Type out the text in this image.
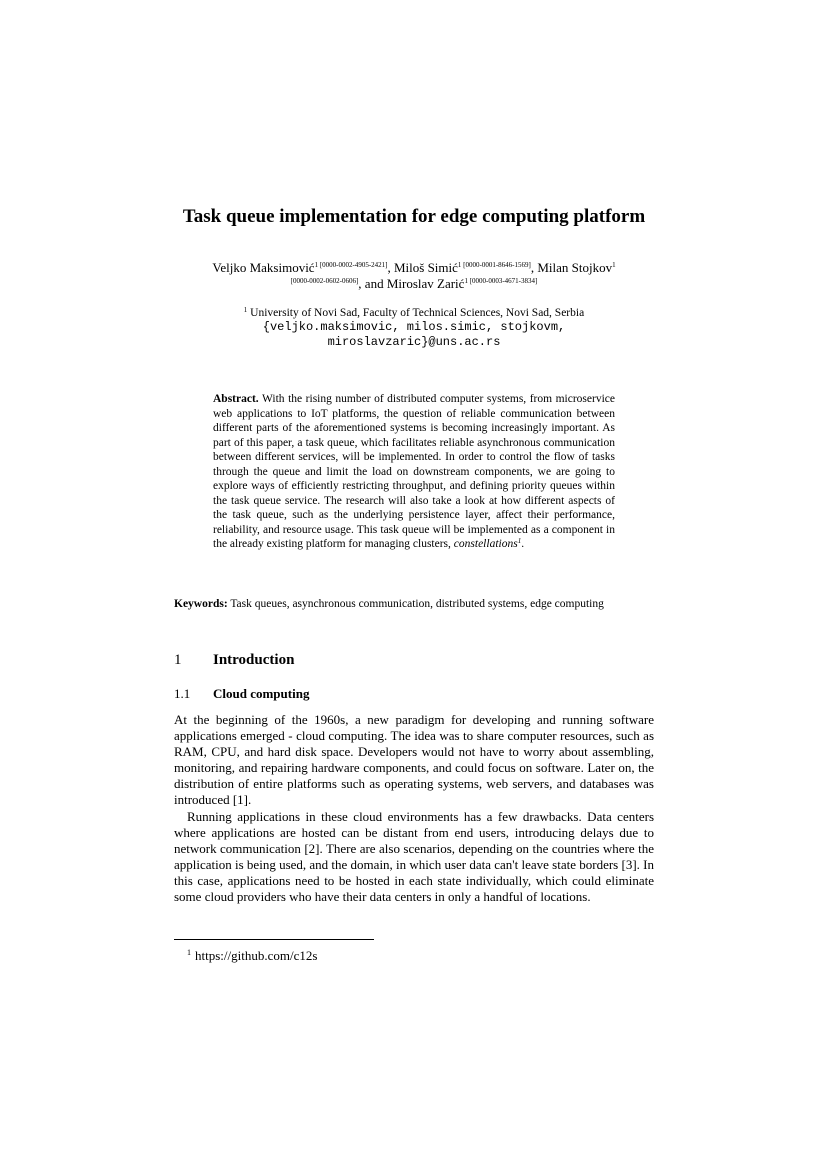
Task queue implementation for edge computing platform
Veljko Maksimović$^{1 [0000-0002-4905-2421]}$, Miloš Simić$^{1 [0000-0001-8646-1569]}$, Milan Stojkov$^{1 [0000-0002-0602-0606]}$, and Miroslav Zarić$^{1 [0000-0003-4671-3834]}$
$^1$ University of Novi Sad, Faculty of Technical Sciences, Novi Sad, Serbia
{veljko.maksimovic, milos.simic, stojkovm, miroslavzaric}@uns.ac.rs
Abstract. With the rising number of distributed computer systems, from microservice web applications to IoT platforms, the question of reliable communication between different parts of the aforementioned systems is becoming increasingly important. As part of this paper, a task queue, which facilitates reliable asynchronous communication between different services, will be implemented. In order to control the flow of tasks through the queue and limit the load on downstream components, we are going to explore ways of efficiently restricting throughput, and defining priority queues within the task queue service. The research will also take a look at how different aspects of the task queue, such as the underlying persistence layer, affect their performance, reliability, and resource usage. This task queue will be implemented as a component in the already existing platform for managing clusters, constellations$^1$.
Keywords: Task queues, asynchronous communication, distributed systems, edge computing
1 Introduction
1.1 Cloud computing

At the beginning of the 1960s, a new paradigm for developing and running software applications emerged - cloud computing. The idea was to share computer resources, such as RAM, CPU, and hard disk space. Developers would not have to worry about assembling, monitoring, and repairing hardware components, and could focus on software. Later on, the distribution of entire platforms such as operating systems, web servers, and databases was introduced [1].

Running applications in these cloud environments has a few drawbacks. Data centers where applications are hosted can be distant from end users, introducing delays due to network communication [2]. There are also scenarios, depending on the countries where the application is being used, and the domain, in which user data can't leave state borders [3]. In this case, applications need to be hosted in each state individually, which could eliminate some cloud providers who have their data centers in only a handful of locations.

$^1$ https://github.com/c12s
